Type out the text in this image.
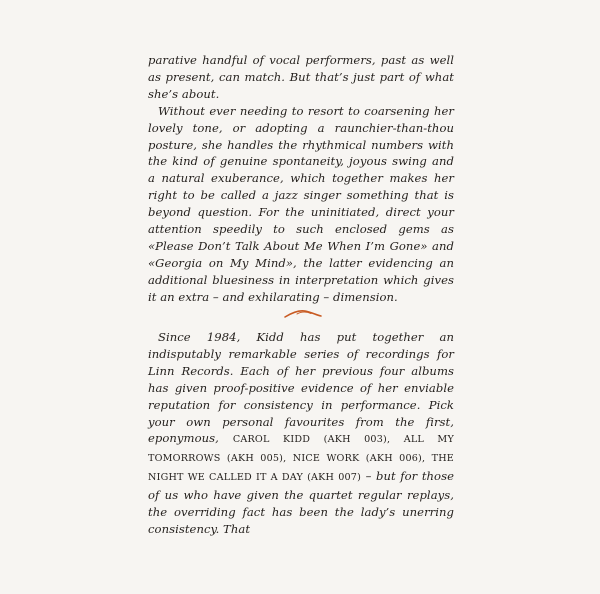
parative handful of vocal performers, past as well as present, can match. But that’s just part of what she’s about.

Without ever needing to resort to coarsening her lovely tone, or adopting a raunchier-than-thou posture, she handles the rhythmical numbers with the kind of genuine spontaneity, joyous swing and a natural exuberance, which together makes her right to be called a jazz singer something that is beyond question. For the uninitiated, direct your attention speedily to such enclosed gems as «Please Don’t Talk About Me When I’m Gone» and «Georgia on My Mind», the latter evidencing an additional bluesiness in interpretation which gives it an extra – and exhilarating – dimension.

Since 1984, Kidd has put together an indisputably remarkable series of recordings for Linn Records. Each of her previous four albums has given proof-positive evidence of her enviable reputation for consistency in performance. Pick your own personal favourites from the first, eponymous, CAROL KIDD (AKH 003), ALL MY TOMORROWS (AKH 005), NICE WORK (AKH 006), THE NIGHT WE CALLED IT A DAY (AKH 007) – but for those of us who have given the quartet regular replays, the overriding fact has been the lady’s unerring consistency. That
